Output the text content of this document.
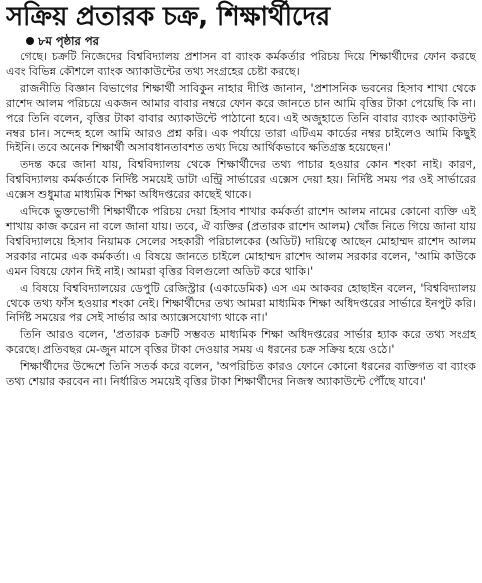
সক্রিয় প্রতারক চক্র, শিক্ষার্থীদের
৮ম পৃষ্ঠার পর

গেছে। চক্রটি নিজেদের বিশ্ববিদ্যালয় প্রশাসন বা ব্যাংক কর্মকর্তার পরিচয় দিয়ে শিক্ষার্থীদের ফোন করছে এবং বিভিন্ন কৌশলে ব্যাংক অ্যাকাউন্টের তথ্য সংগ্রহের চেষ্টা করছে।

রাজনীতি বিজ্ঞান বিভাগের শিক্ষার্থী সাবিকুন নাহার দীপ্তি জানান, 'প্রশাসনিক ভবনের হিসাব শাখা থেকে রাশেদ আলম পরিচয়ে একজন আমার বাবার নম্বরে ফোন করে জানতে চান আমি বৃত্তির টাকা পেয়েছি কি না। পরে তিনি বলেন, বৃত্তির টাকা বাবার অ্যাকাউন্টে পাঠানো হবে। এই অজুহাতে তিনি বাবার ব্যাংক অ্যাকাউন্ট নম্বর চান। সন্দেহ হলে আমি আরও প্রশ্ন করি। এক পর্যায়ে তারা এটিএম কার্ডের নম্বর চাইলেও আমি কিছুই দিইনি। তবে অনেক শিক্ষার্থী অসাবধানতাবশত তথ্য দিয়ে আর্থিকভাবে ক্ষতিগ্রস্ত হয়েছেন।'

তদন্ত করে জানা যায়, বিশ্ববিদ্যালয় থেকে শিক্ষার্থীদের তথ্য পাচার হওয়ার কোন শংকা নাই। কারণ, বিশ্ববিদ্যালয় কর্মকর্তাকে নির্দিষ্ট সময়েই ডাটা এন্ট্রি সার্ভারের এক্সেস দেয়া হয়। নির্দিষ্ট সময় পর ওই সার্ভারের এক্সেস শুধুমাত্র মাধ্যমিক শিক্ষা অধিদপ্তরের কাছেই থাকে।

এদিকে ভুক্তভোগী শিক্ষার্থীকে পরিচয় দেয়া হিসাব শাখার কর্মকর্তা রাশেদ আলম নামের কোনো ব্যক্তি এই শাখায় কাজ করেন না বলে জানা যায়। তবে, ঐ ব্যক্তির (প্রতারক রাশেদ আলম) খোঁজ নিতে গিয়ে জানা যায় বিশ্ববিদ্যালয়ে হিসাব নিয়ামক সেলের সহকারী পরিচালকের (অডিট) দায়িত্বে আছেন মোহাম্মদ রাশেদ আলম সরকার নামের এক কর্মকর্তা। এ বিষয়ে জানতে চাইলে মোহাম্মদ রাশেদ আলম সরকার বলেন, 'আমি কাউকে এমন বিষয়ে ফোন দিই নাই। আমরা বৃত্তির বিলগুলো অডিট করে থাকি।'

এ বিষয়ে বিশ্ববিদ্যালয়ের ডেপুটি রেজিস্ট্রার (একাডেমিক) এস এম আকবর হোছাইন বলেন, 'বিশ্ববিদ্যালয় থেকে তথ্য ফাঁস হওয়ার শংকা নেই। শিক্ষার্থীদের তথ্য আমরা মাধ্যমিক শিক্ষা অধিদপ্তরের সার্ভারে ইনপুট করি। নির্দিষ্ট সময়ের পর সেই সার্ভার আর অ্যাক্সেসযোগ্য থাকে না।'

তিনি আরও বলেন, 'প্রতারক চক্রটি সম্ভবত মাধ্যমিক শিক্ষা অধিদপ্তরের সার্ভার হ্যাক করে তথ্য সংগ্রহ করেছে। প্রতিবছর মে-জুন মাসে বৃত্তির টাকা দেওয়ার সময় এ ধরনের চক্র সক্রিয় হয়ে ওঠে।'

শিক্ষার্থীদের উদ্দেশে তিনি সতর্ক করে বলেন, 'অপরিচিত কারও ফোনে কোনো ধরনের ব্যক্তিগত বা ব্যাংক তথ্য শেয়ার করবেন না। নির্ধারিত সময়েই বৃত্তির টাকা শিক্ষার্থীদের নিজস্ব অ্যাকাউন্টে পৌঁছে যাবে।'
